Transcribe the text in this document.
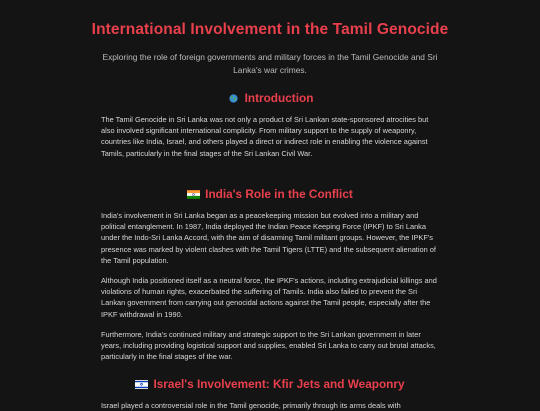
International Involvement in the Tamil Genocide

Exploring the role of foreign governments and military forces in the Tamil Genocide and Sri Lanka's war crimes.

Introduction

The Tamil Genocide in Sri Lanka was not only a product of Sri Lankan state-sponsored atrocities but also involved significant international complicity. From military support to the supply of weaponry, countries like India, Israel, and others played a direct or indirect role in enabling the violence against Tamils, particularly in the final stages of the Sri Lankan Civil War.

India's Role in the Conflict

India's involvement in Sri Lanka began as a peacekeeping mission but evolved into a military and political entanglement. In 1987, India deployed the Indian Peace Keeping Force (IPKF) to Sri Lanka under the Indo-Sri Lanka Accord, with the aim of disarming Tamil militant groups. However, the IPKF's presence was marked by violent clashes with the Tamil Tigers (LTTE) and the subsequent alienation of the Tamil population.

Although India positioned itself as a neutral force, the IPKF's actions, including extrajudicial killings and violations of human rights, exacerbated the suffering of Tamils. India also failed to prevent the Sri Lankan government from carrying out genocidal actions against the Tamil people, especially after the IPKF withdrawal in 1990.

Furthermore, India's continued military and strategic support to the Sri Lankan government in later years, including providing logistical support and supplies, enabled Sri Lanka to carry out brutal attacks, particularly in the final stages of the war.

Israel's Involvement: Kfir Jets and Weaponry

Israel played a controversial role in the Tamil genocide, primarily through its arms deals with
